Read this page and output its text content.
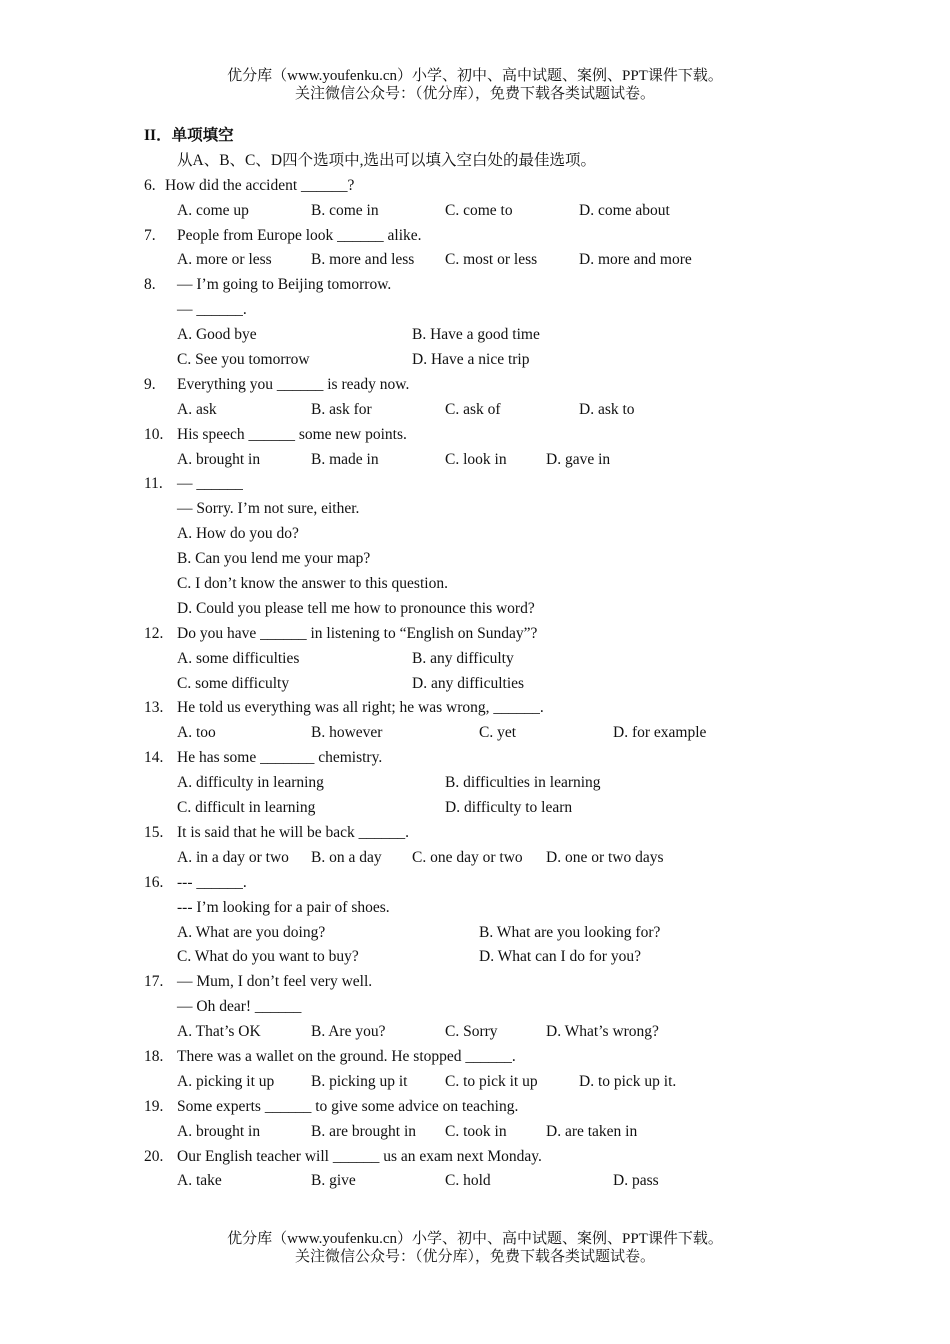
优分库（www.youfenku.cn）小学、初中、高中试题、案例、PPT课件下载。
关注微信公众号：（优分库），免费下载各类试题试卷。
II．单项填空
从A、B、C、D四个选项中,选出可以填入空白处的最佳选项。
6. How did the accident ______?
A. come up	B. come in	C. come to	D. come about
7. People from Europe look ______ alike.
A. more or less	B. more and less C. most or less	D. more and more
8. — I’m going to Beijing tomorrow.
— ______.
A. Good bye	B. Have a good time
C. See you tomorrow	D. Have a nice trip
9. Everything you ______ is ready now.
A. ask	B. ask for	C. ask of	D. ask to
10. His speech ______ some new points.
A. brought in	B. made in	C. look in	D. gave in
11. — ______
— Sorry. I’m not sure, either.
A. How do you do?
B. Can you lend me your map?
C. I don’t know the answer to this question.
D. Could you please tell me how to pronounce this word?
12. Do you have ______ in listening to “English on Sunday”?
A. some difficulties	B. any difficulty
C. some difficulty	D. any difficulties
13. He told us everything was all right; he was wrong, ______.
A. too	B. however	C. yet	D. for example
14. He has some _______ chemistry.
A. difficulty in learning	B. difficulties in learning
C. difficult in learning	D. difficulty to learn
15. It is said that he will be back ______.
A. in a day or two B. on a day C. one day or two D. one or two days
16. --- ______.
--- I’m looking for a pair of shoes.
A. What are you doing?	B. What are you looking for?
C. What do you want to buy?	D. What can I do for you?
17. — Mum, I don’t feel very well.
— Oh dear! ______
A. That’s OK	B. Are you?	C. Sorry	D. What’s wrong?
18. There was a wallet on the ground. He stopped ______.
A. picking it up B. picking up it C. to pick it up	D. to pick up it.
19. Some experts ______ to give some advice on teaching.
A. brought in	B. are brought in C. took in	D. are taken in
20. Our English teacher will ______ us an exam next Monday.
A. take	B. give	C. hold	D. pass
优分库（www.youfenku.cn）小学、初中、高中试题、案例、PPT课件下载。
关注微信公众号：（优分库），免费下载各类试题试卷。
